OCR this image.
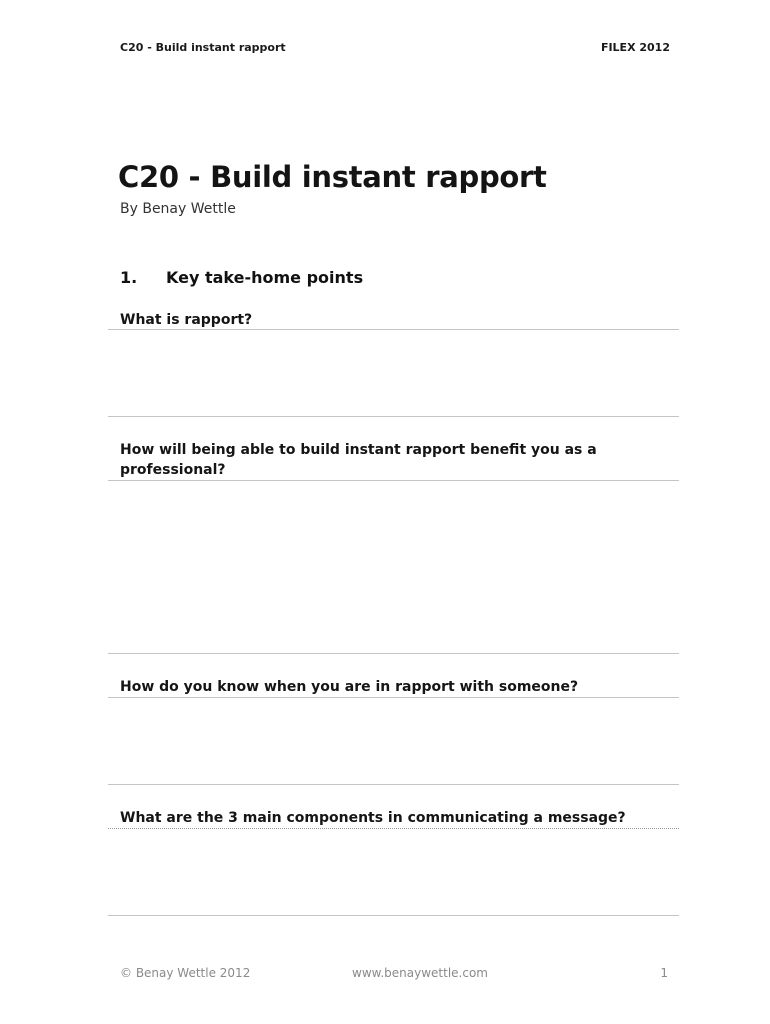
C20 - Build instant rapport	FILEX 2012
C20 - Build instant rapport
By Benay Wettle
1. Key take-home points
What is rapport?
How will being able to build instant rapport benefit you as a professional?
How do you know when you are in rapport with someone?
What are the 3 main components in communicating a message?
© Benay Wettle 2012	www.benaywettle.com	1
